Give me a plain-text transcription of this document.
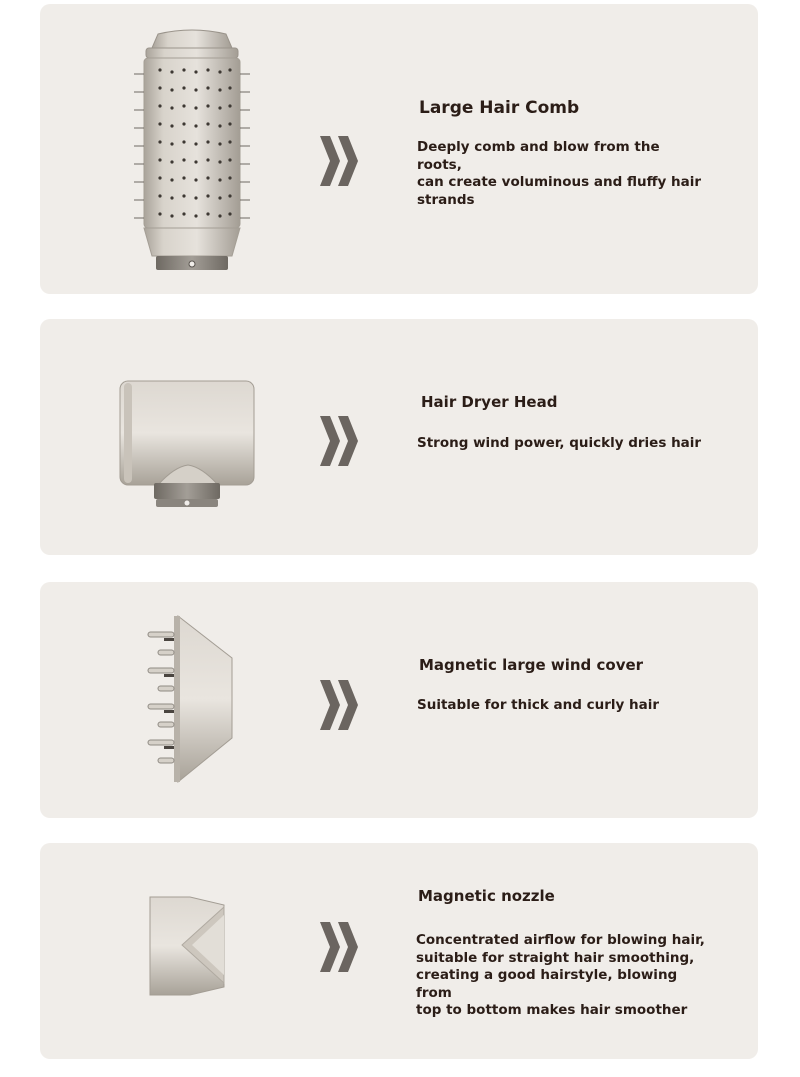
Large Hair Comb
Deeply comb and blow from the roots,
can create voluminous and fluffy hair
strands
Hair Dryer Head
Strong wind power, quickly dries hair
Magnetic large wind cover
Suitable for thick and curly hair
Magnetic nozzle
Concentrated airflow for blowing hair,
suitable for straight hair smoothing,
creating a good hairstyle, blowing from
top to bottom makes hair smoother
